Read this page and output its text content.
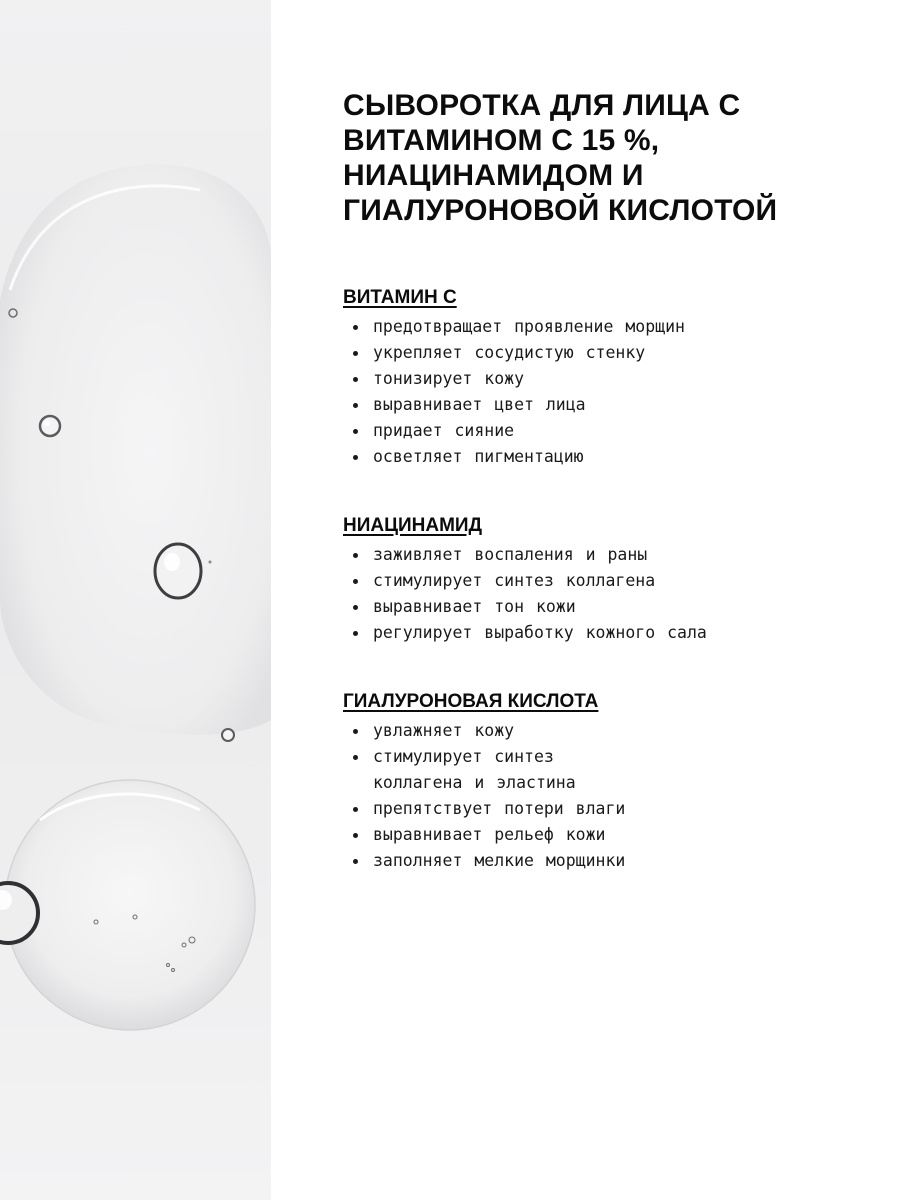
СЫВОРОТКА ДЛЯ ЛИЦА С ВИТАМИНОМ С 15 %, НИАЦИНАМИДОМ И ГИАЛУРОНОВОЙ КИСЛОТОЙ
ВИТАМИН С
предотвращает проявление морщин
укрепляет сосудистую стенку
тонизирует кожу
выравнивает цвет лица
придает сияние
осветляет пигментацию
НИАЦИНАМИД
заживляет воспаления и раны
стимулирует синтез коллагена
выравнивает тон кожи
регулирует выработку кожного сала
ГИАЛУРОНОВАЯ КИСЛОТА
увлажняет кожу
стимулирует синтез коллагена и эластина
препятствует потери влаги
выравнивает рельеф кожи
заполняет мелкие морщинки
